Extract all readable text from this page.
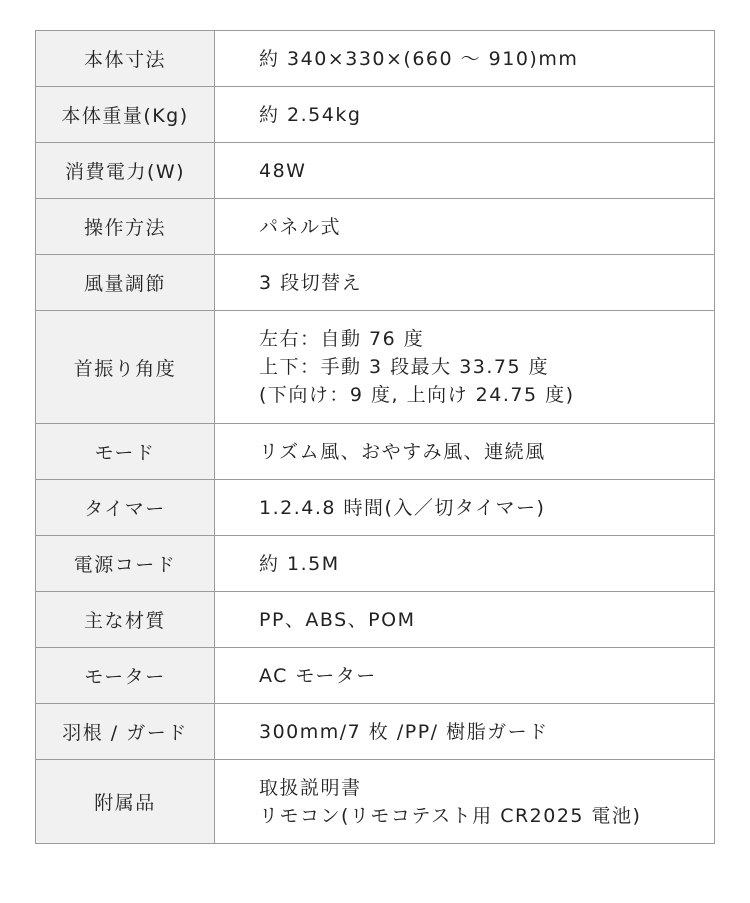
本体寸法	約 340×330×(660 〜 910)mm

本体重量(Kg)	約 2.54kg

消費電力(W)	48W

操作方法	パネル式

風量調節	3 段切替え

首振り角度	左右：自動 76 度
上下：手動 3 段最大 33.75 度
(下向け：9 度, 上向け 24.75 度)

モード	リズム風、おやすみ風、連続風

タイマー	1.2.4.8 時間(入／切タイマー)

電源コード	約 1.5M

主な材質	PP、ABS、POM

モーター	AC モーター

羽根 / ガード	300mm/7 枚 /PP/ 樹脂ガード

附属品	取扱説明書
リモコン(リモコテスト用 CR2025 電池)
